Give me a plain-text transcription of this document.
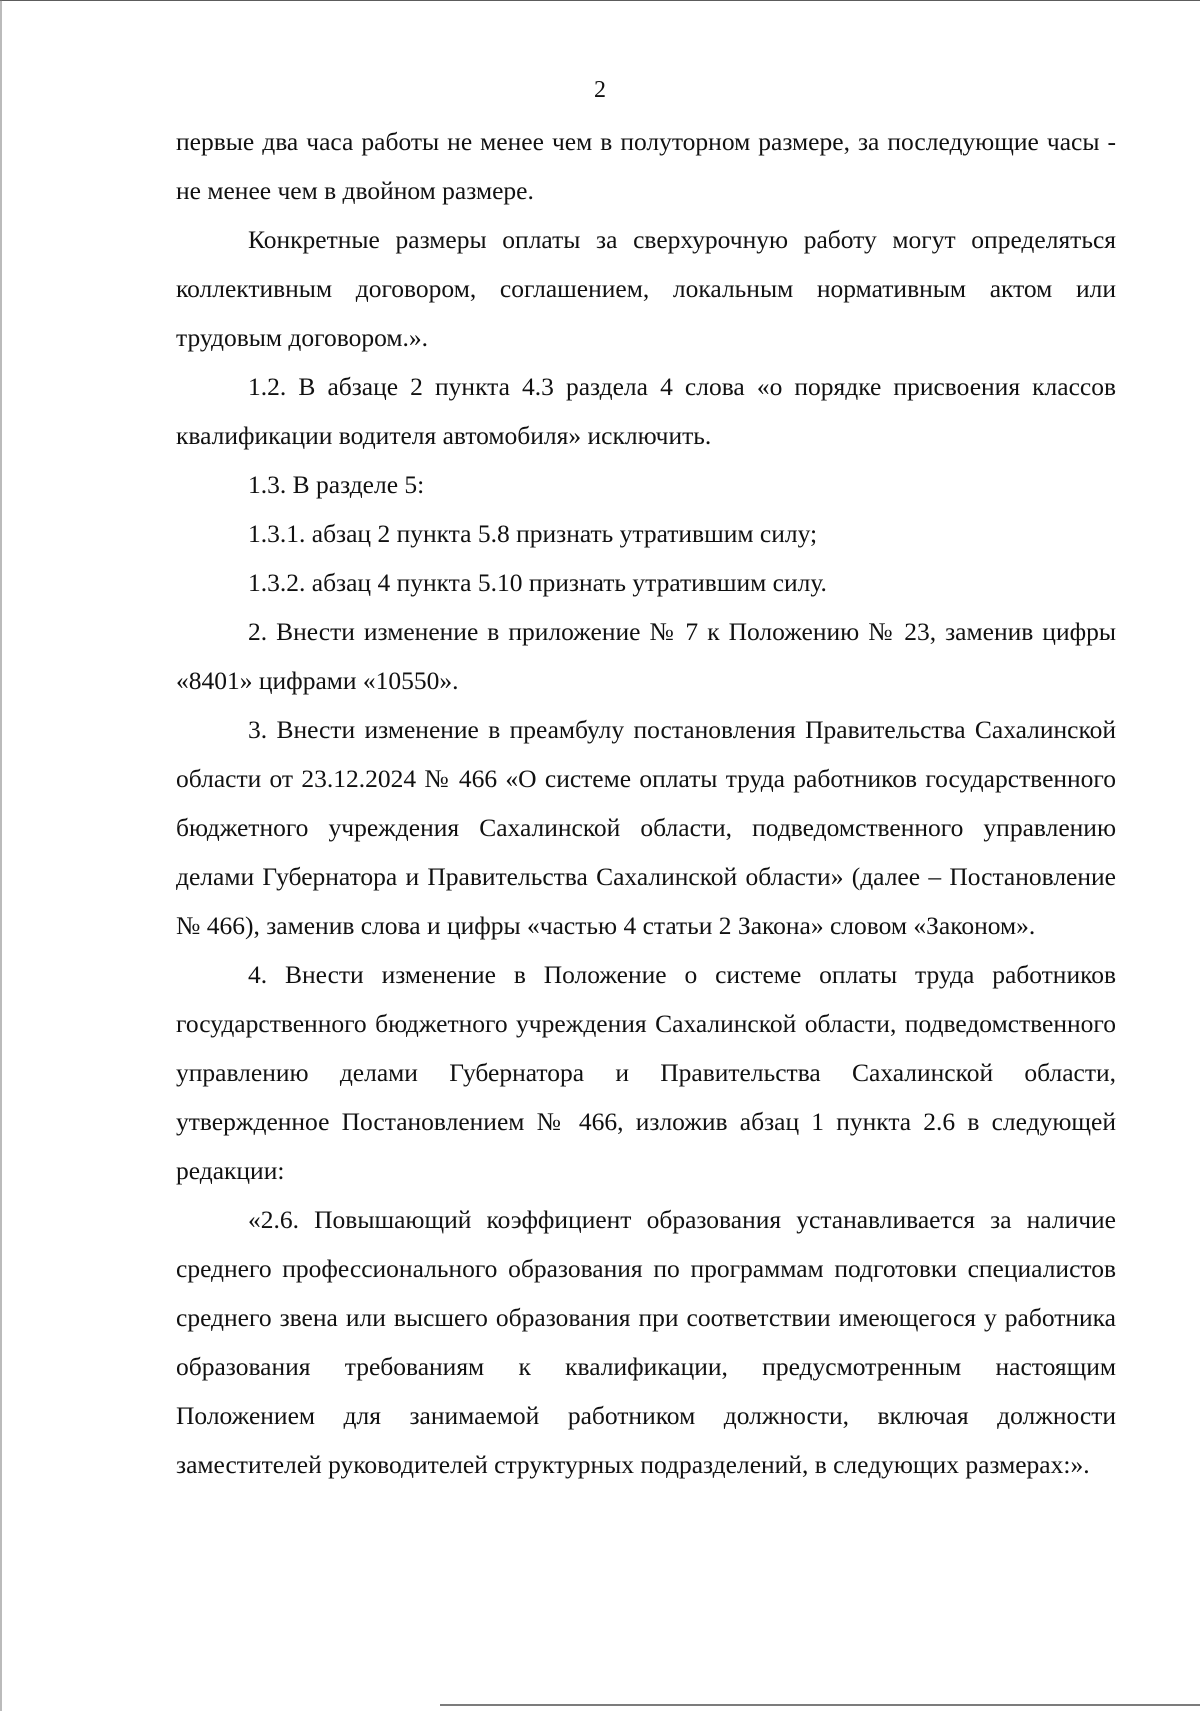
2

первые два часа работы не менее чем в полуторном размере, за последующие часы - не менее чем в двойном размере.

Конкретные размеры оплаты за сверхурочную работу могут определяться коллективным договором, соглашением, локальным нормативным актом или трудовым договором.».

1.2. В абзаце 2 пункта 4.3 раздела 4 слова «о порядке присвоения классов квалификации водителя автомобиля» исключить.

1.3. В разделе 5:

1.3.1. абзац 2 пункта 5.8 признать утратившим силу;

1.3.2. абзац 4 пункта 5.10 признать утратившим силу.

2. Внести изменение в приложение № 7 к Положению № 23, заменив цифры «8401» цифрами «10550».

3. Внести изменение в преамбулу постановления Правительства Сахалинской области от 23.12.2024 № 466 «О системе оплаты труда работников государственного бюджетного учреждения Сахалинской области, подведомственного управлению делами Губернатора и Правительства Сахалинской области» (далее – Постановление № 466), заменив слова и цифры «частью 4 статьи 2 Закона» словом «Законом».

4. Внести изменение в Положение о системе оплаты труда работников государственного бюджетного учреждения Сахалинской области, подведомственного управлению делами Губернатора и Правительства Сахалинской области, утвержденное Постановлением № 466, изложив абзац 1 пункта 2.6 в следующей редакции:

«2.6. Повышающий коэффициент образования устанавливается за наличие среднего профессионального образования по программам подготовки специалистов среднего звена или высшего образования при соответствии имеющегося у работника образования требованиям к квалификации, предусмотренным настоящим Положением для занимаемой работником должности, включая должности заместителей руководителей структурных подразделений, в следующих размерах:».
